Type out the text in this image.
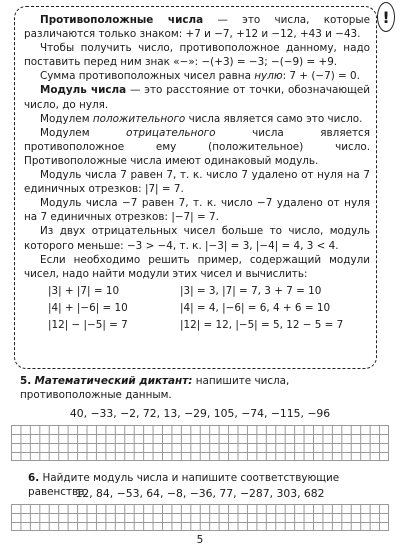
!

Противоположные числа — это числа, которые различаются только знаком: +7 и −7, +12 и −12, +43 и −43.

Чтобы получить число, противоположное данному, надо поставить перед ним знак «−»: −(+3) = −3; −(−9) = +9.

Сумма противоположных чисел равна нулю: 7 + (−7) = 0.

Модуль числа — это расстояние от точки, обозначающей число, до нуля.

Модулем положительного числа является само это число.

Модулем отрицательного числа является противоположное ему (положительное) число. Противоположные числа имеют одинаковый модуль.

Модуль числа 7 равен 7, т. к. число 7 удалено от нуля на 7 единичных отрезков: |7| = 7.

Модуль числа −7 равен 7, т. к. число −7 удалено от нуля на 7 единичных отрезков: |−7| = 7.

Из двух отрицательных чисел больше то число, модуль которого меньше: −3 > −4, т. к. |−3| = 3, |−4| = 4, 3 < 4.

Если необходимо решить пример, содержащий модули чисел, надо найти модули этих чисел и вычислить:

|3| + |7| = 10	|3| = 3, |7| = 7, 3 + 7 = 10
|4| + |−6| = 10	|4| = 4, |−6| = 6, 4 + 6 = 10
|12| − |−5| = 7	|12| = 12, |−5| = 5, 12 − 5 = 7
5. Математический диктант: напишите числа, противоположные данным.
40, −33, −2, 72, 13, −29, 105, −74, −115, −96
6. Найдите модуль числа и напишите соответствующие равенства.
12, 84, −53, 64, −8, −36, 77, −287, 303, 682
5
